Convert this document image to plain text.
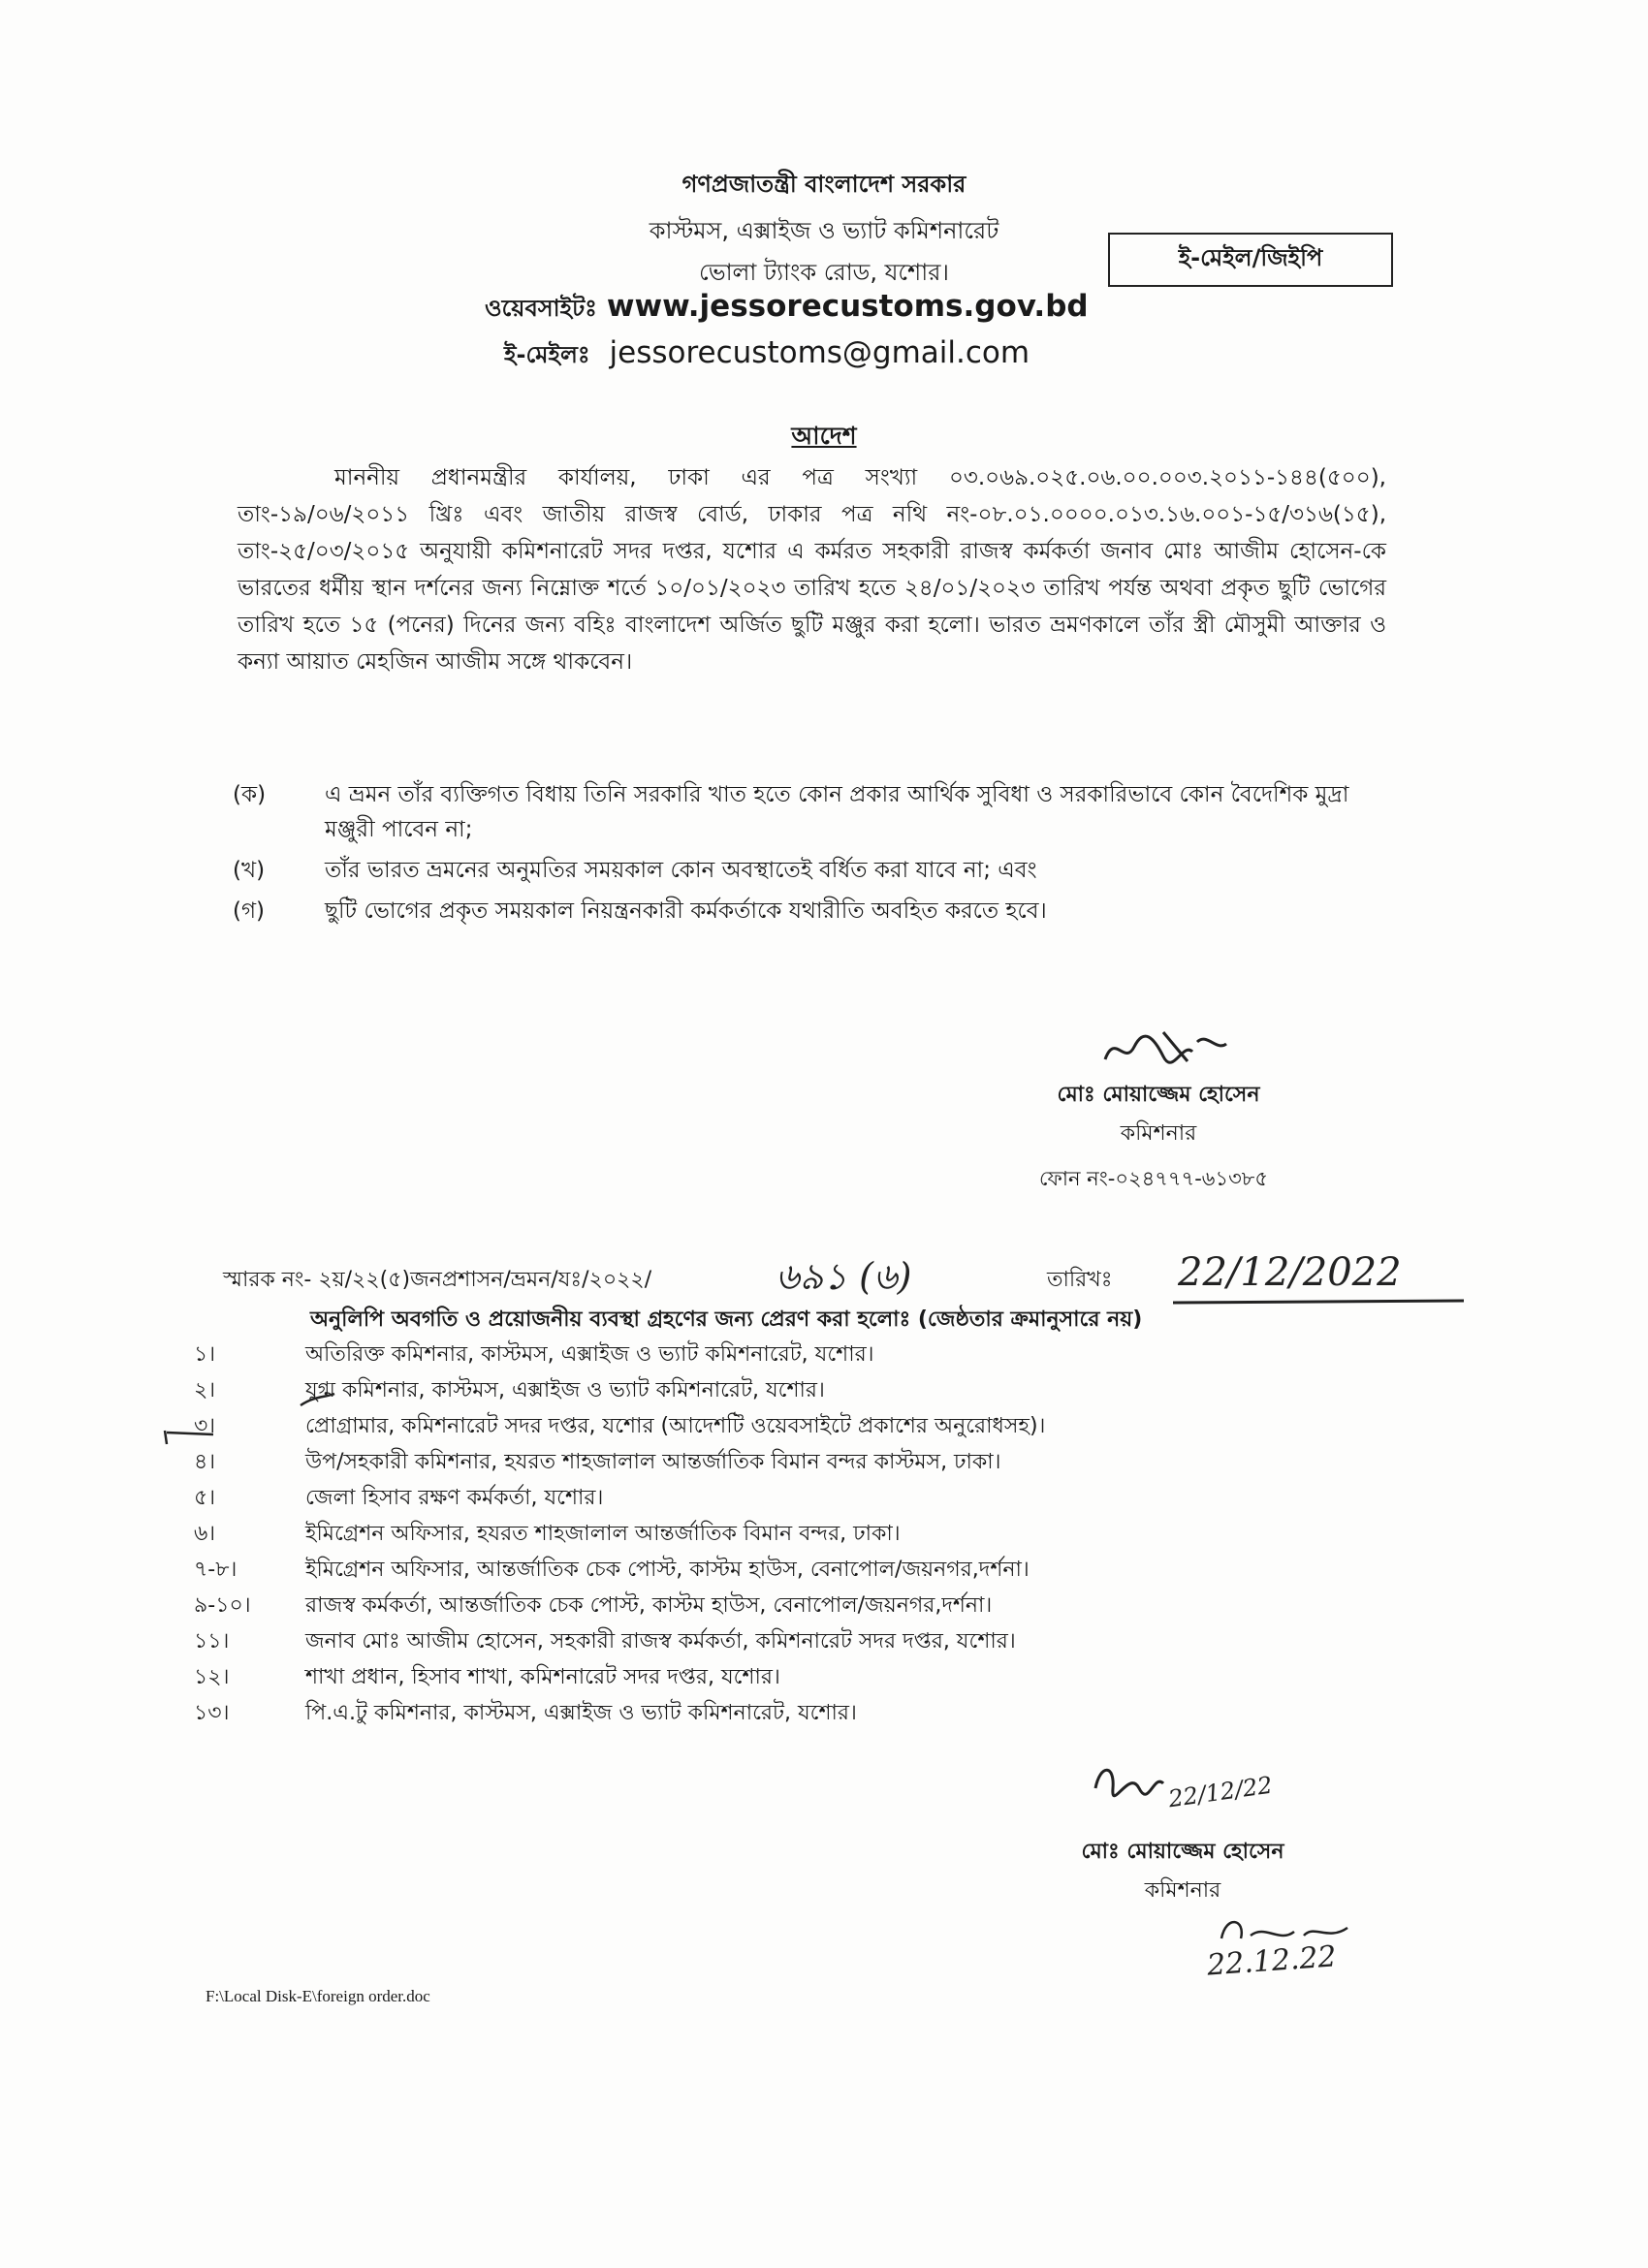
গণপ্রজাতন্ত্রী বাংলাদেশ সরকার
কাস্টমস, এক্সাইজ ও ভ্যাট কমিশনারেট
ভোলা ট্যাংক রোড, যশোর।
ই-মেইল/জিইপি
ওয়েবসাইটঃ www.jessorecustoms.gov.bd
ই-মেইলঃ jessorecustoms@gmail.com
আদেশ
মাননীয় প্রধানমন্ত্রীর কার্যালয়, ঢাকা এর পত্র সংখ্যা ০৩.০৬৯.০২৫.০৬.০০.০০৩.২০১১-১৪৪(৫০০), তাং-১৯/০৬/২০১১ খ্রিঃ এবং জাতীয় রাজস্ব বোর্ড, ঢাকার পত্র নথি নং-০৮.০১.০০০০.০১৩.১৬.০০১-১৫/৩১৬(১৫), তাং-২৫/০৩/২০১৫ অনুযায়ী কমিশনারেট সদর দপ্তর, যশোর এ কর্মরত সহকারী রাজস্ব কর্মকর্তা জনাব মোঃ আজীম হোসেন-কে ভারতের ধর্মীয় স্থান দর্শনের জন্য নিম্নোক্ত শর্তে ১০/০১/২০২৩ তারিখ হতে ২৪/০১/২০২৩ তারিখ পর্যন্ত অথবা প্রকৃত ছুটি ভোগের তারিখ হতে ১৫ (পনের) দিনের জন্য বহিঃ বাংলাদেশ অর্জিত ছুটি মঞ্জুর করা হলো। ভারত ভ্রমণকালে তাঁর স্ত্রী মৌসুমী আক্তার ও কন্যা আয়াত মেহজিন আজীম সঙ্গে থাকবেন।
(ক)	এ ভ্রমন তাঁর ব্যক্তিগত বিধায় তিনি সরকারি খাত হতে কোন প্রকার আর্থিক সুবিধা ও সরকারিভাবে কোন বৈদেশিক মুদ্রা মঞ্জুরী পাবেন না;
(খ)	তাঁর ভারত ভ্রমনের অনুমতির সময়কাল কোন অবস্থাতেই বর্ধিত করা যাবে না; এবং
(গ)	ছুটি ভোগের প্রকৃত সময়কাল নিয়ন্ত্রনকারী কর্মকর্তাকে যথারীতি অবহিত করতে হবে।
মোঃ মোয়াজ্জেম হোসেন
কমিশনার
ফোন নং-০২৪৭৭৭-৬১৩৮৫
স্মারক নং- ২য়/২২(৫)জনপ্রশাসন/ভ্রমন/যঃ/২০২২/	৬৯১ (৬)	তারিখঃ 22/12/2022
অনুলিপি অবগতি ও প্রয়োজনীয় ব্যবস্থা গ্রহণের জন্য প্রেরণ করা হলোঃ (জেষ্ঠতার ক্রমানুসারে নয়)
১।	অতিরিক্ত কমিশনার, কাস্টমস, এক্সাইজ ও ভ্যাট কমিশনারেট, যশোর।
২।	যুগ্ম কমিশনার, কাস্টমস, এক্সাইজ ও ভ্যাট কমিশনারেট, যশোর।
৩।	প্রোগ্রামার, কমিশনারেট সদর দপ্তর, যশোর (আদেশটি ওয়েবসাইটে প্রকাশের অনুরোধসহ)।
৪।	উপ/সহকারী কমিশনার, হযরত শাহজালাল আন্তর্জাতিক বিমান বন্দর কাস্টমস, ঢাকা।
৫।	জেলা হিসাব রক্ষণ কর্মকর্তা, যশোর।
৬।	ইমিগ্রেশন অফিসার, হযরত শাহজালাল আন্তর্জাতিক বিমান বন্দর, ঢাকা।
৭-৮।	ইমিগ্রেশন অফিসার, আন্তর্জাতিক চেক পোস্ট, কাস্টম হাউস, বেনাপোল/জয়নগর,দর্শনা।
৯-১০।	রাজস্ব কর্মকর্তা, আন্তর্জাতিক চেক পোস্ট, কাস্টম হাউস, বেনাপোল/জয়নগর,দর্শনা।
১১।	জনাব মোঃ আজীম হোসেন, সহকারী রাজস্ব কর্মকর্তা, কমিশনারেট সদর দপ্তর, যশোর।
১২।	শাখা প্রধান, হিসাব শাখা, কমিশনারেট সদর দপ্তর, যশোর।
১৩।	পি.এ.টু কমিশনার, কাস্টমস, এক্সাইজ ও ভ্যাট কমিশনারেট, যশোর।
22/12/22
মোঃ মোয়াজ্জেম হোসেন
কমিশনার
22.12.22
F:\Local Disk-E\foreign order.doc
